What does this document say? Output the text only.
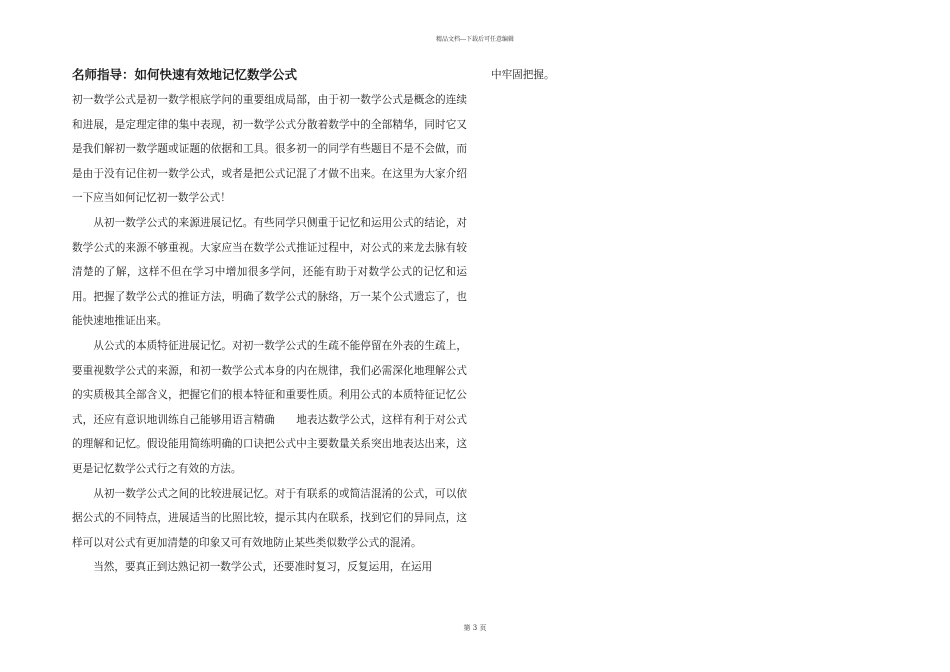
精品文档---下载后可任意编辑
名师指导：如何快速有效地记忆数学公式

初一数学公式是初一数学根底学问的重要组成局部，由于初一数学公式是概念的连续和进展，是定理定律的集中表现，初一数学公式分散着数学中的全部精华，同时它又是我们解初一数学题或证题的依据和工具。很多初一的同学有些题目不是不会做，而是由于没有记住初一数学公式，或者是把公式记混了才做不出来。在这里为大家介绍一下应当如何记忆初一数学公式！

从初一数学公式的来源进展记忆。有些同学只侧重于记忆和运用公式的结论，对数学公式的来源不够重视。大家应当在数学公式推证过程中，对公式的来龙去脉有较清楚的了解，这样不但在学习中增加很多学问，还能有助于对数学公式的记忆和运用。把握了数学公式的推证方法，明确了数学公式的脉络，万一某个公式遗忘了，也能快速地推证出来。

从公式的本质特征进展记忆。对初一数学公式的生疏不能停留在外表的生疏上，要重视数学公式的来源，和初一数学公式本身的内在规律，我们必需深化地理解公式的实质极其全部含义，把握它们的根本特征和重要性质。利用公式的本质特征记忆公式，还应有意识地训练自己能够用语言精确　　地表达数学公式，这样有利于对公式的理解和记忆。假设能用简练明确的口诀把公式中主要数量关系突出地表达出来，这更是记忆数学公式行之有效的方法。

从初一数学公式之间的比较进展记忆。对于有联系的或简洁混淆的公式，可以依据公式的不同特点，进展适当的比照比较，提示其内在联系，找到它们的异同点，这样可以对公式有更加清楚的印象又可有效地防止某些类似数学公式的混淆。

当然，要真正到达熟记初一数学公式，还要准时复习，反复运用，在运用

中牢固把握。
第 3 页
